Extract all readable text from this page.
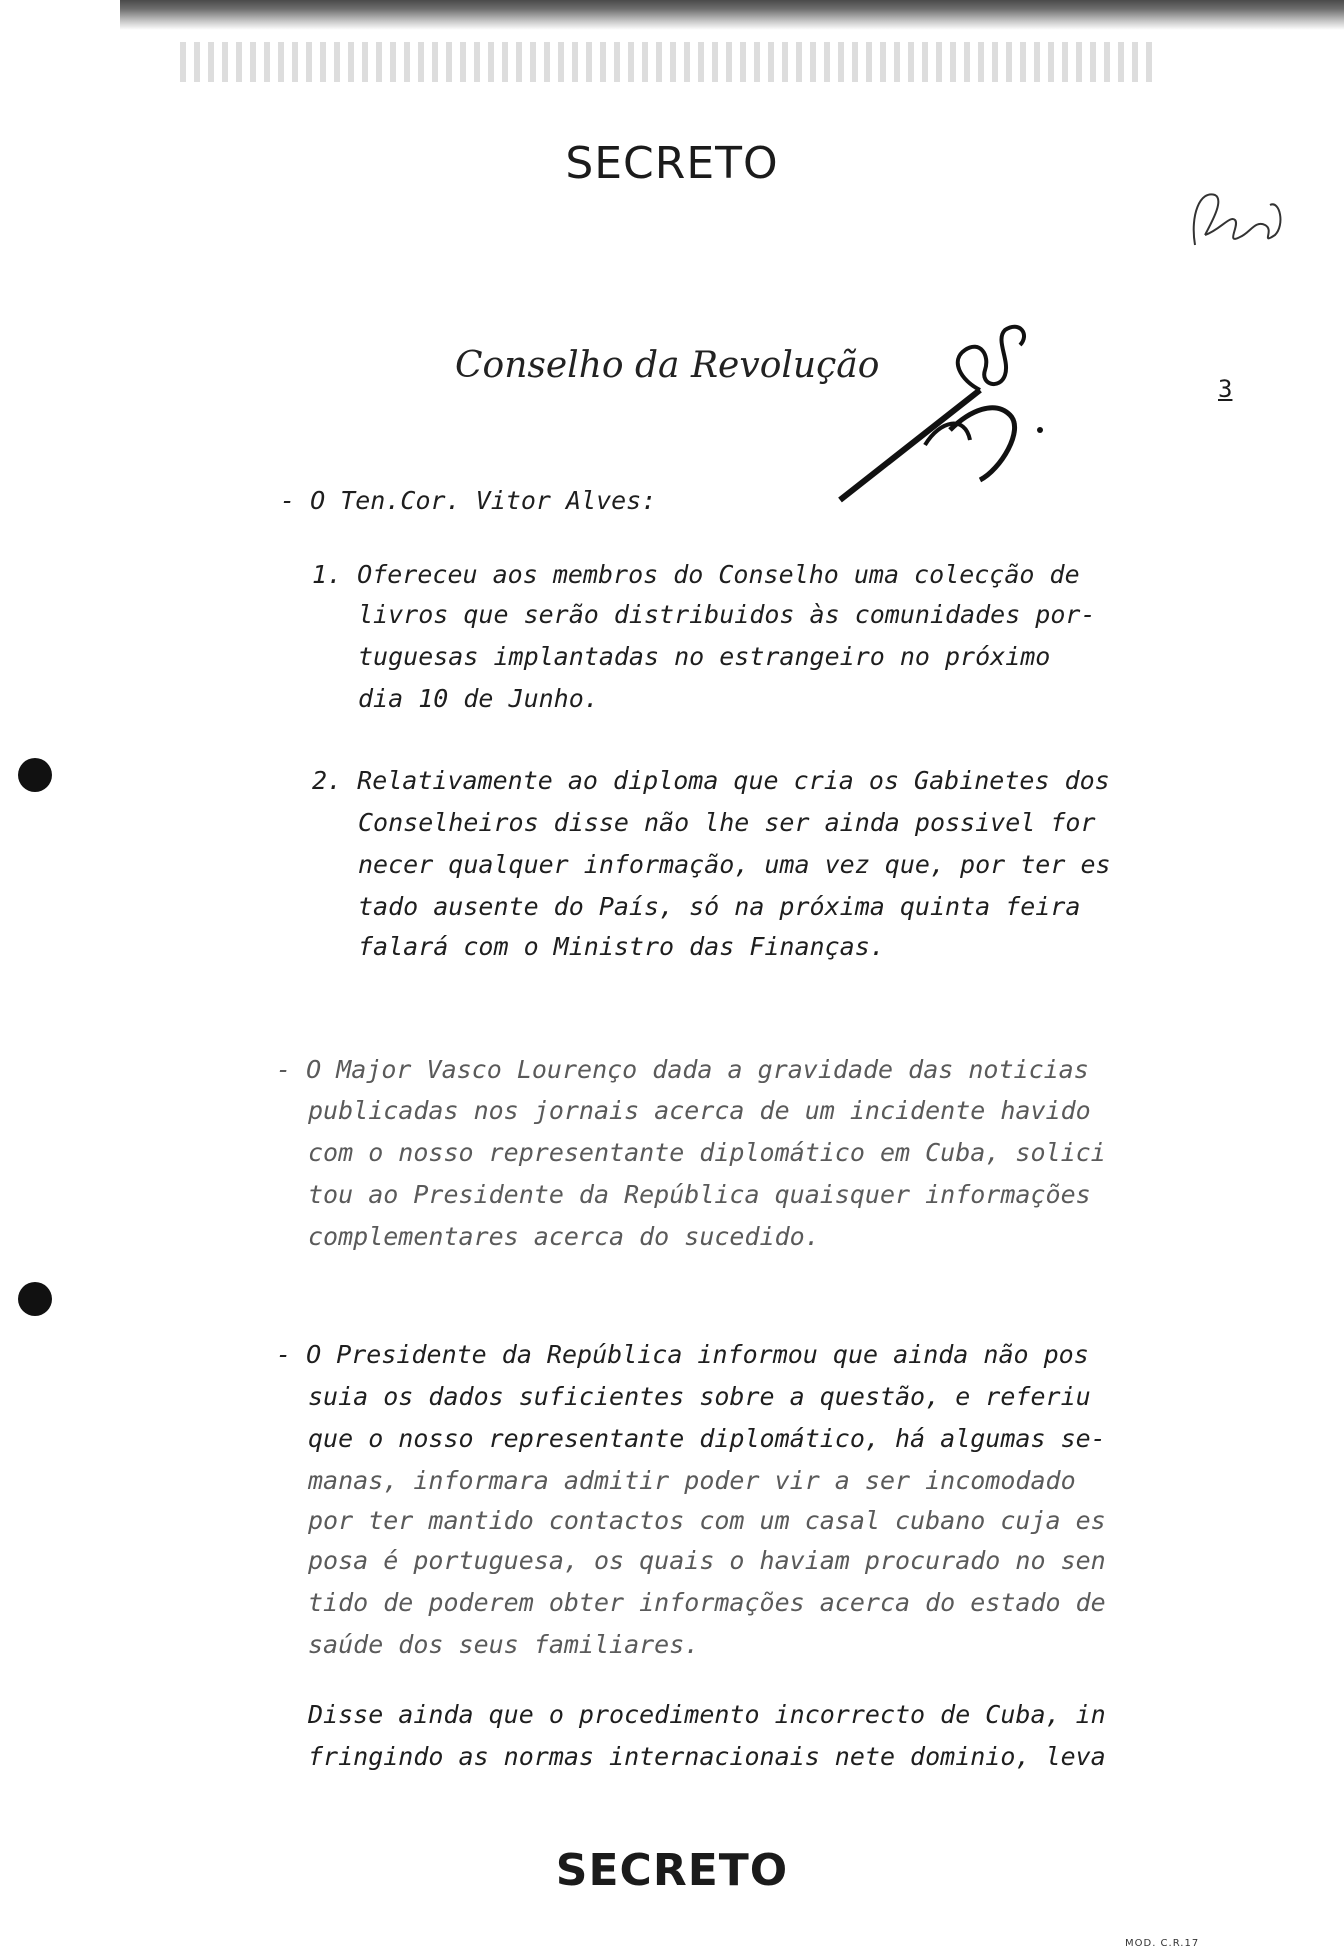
SECRETO
Conselho da Revolução
3
- O Ten.Cor. Vitor Alves:
1. Ofereceu aos membros do Conselho uma colecção de
livros que serão distribuidos às comunidades por-
tuguesas implantadas no estrangeiro no próximo
dia 10 de Junho.
2. Relativamente ao diploma que cria os Gabinetes dos
Conselheiros disse não lhe ser ainda possivel for
necer qualquer informação, uma vez que, por ter es
tado ausente do País, só na próxima quinta feira
falará com o Ministro das Finanças.
- O Major Vasco Lourenço dada a gravidade das noticias
publicadas nos jornais acerca de um incidente havido
com o nosso representante diplomático em Cuba, solici
tou ao Presidente da República quaisquer informações
complementares acerca do sucedido.
- O Presidente da República informou que ainda não pos
suia os dados suficientes sobre a questão, e referiu
que o nosso representante diplomático, há algumas se-
manas, informara admitir poder vir a ser incomodado
por ter mantido contactos com um casal cubano cuja es
posa é portuguesa, os quais o haviam procurado no sen
tido de poderem obter informações acerca do estado de
saúde dos seus familiares.
Disse ainda que o procedimento incorrecto de Cuba, in
fringindo as normas internacionais nete dominio, leva
SECRETO
MOD. C.R.17
